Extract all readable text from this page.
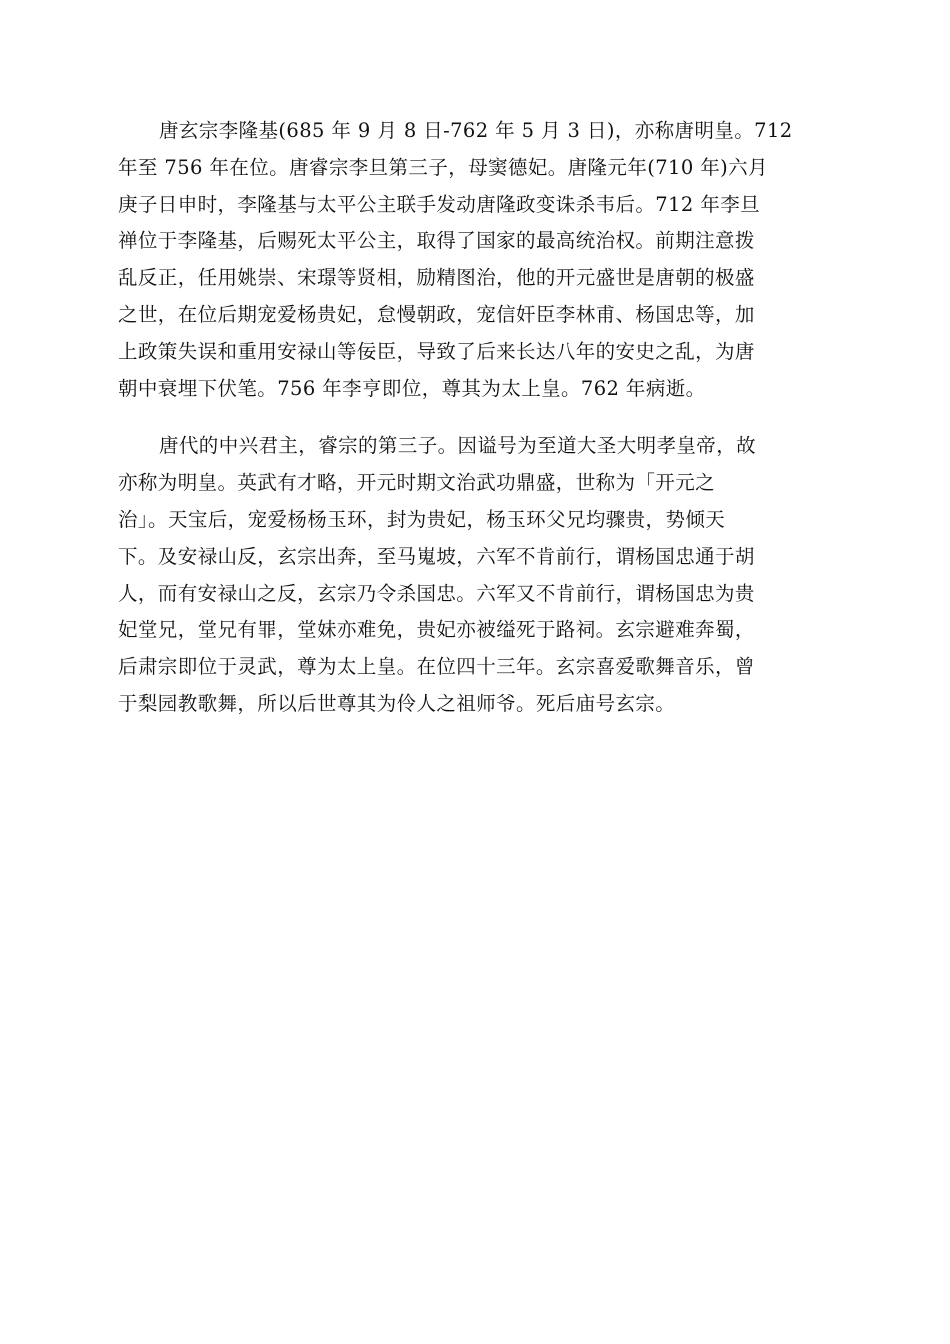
唐玄宗李隆基(685 年 9 月 8 日-762 年 5 月 3 日)，亦称唐明皇。712
年至 756 年在位。唐睿宗李旦第三子，母窦德妃。唐隆元年(710 年)六月
庚子日申时，李隆基与太平公主联手发动唐隆政变诛杀韦后。712 年李旦
禅位于李隆基，后赐死太平公主，取得了国家的最高统治权。前期注意拨
乱反正，任用姚崇、宋璟等贤相，励精图治，他的开元盛世是唐朝的极盛
之世，在位后期宠爱杨贵妃，怠慢朝政，宠信奸臣李林甫、杨国忠等，加
上政策失误和重用安禄山等佞臣，导致了后来长达八年的安史之乱，为唐
朝中衰埋下伏笔。756 年李亨即位，尊其为太上皇。762 年病逝。
唐代的中兴君主，睿宗的第三子。因谥号为至道大圣大明孝皇帝，故
亦称为明皇。英武有才略，开元时期文治武功鼎盛，世称为「开元之
治」。天宝后，宠爱杨杨玉环，封为贵妃，杨玉环父兄均骤贵，势倾天
下。及安禄山反，玄宗出奔，至马嵬坡，六军不肯前行，谓杨国忠通于胡
人，而有安禄山之反，玄宗乃令杀国忠。六军又不肯前行，谓杨国忠为贵
妃堂兄，堂兄有罪，堂妹亦难免，贵妃亦被缢死于路祠。玄宗避难奔蜀，
后肃宗即位于灵武，尊为太上皇。在位四十三年。玄宗喜爱歌舞音乐，曾
于梨园教歌舞，所以后世尊其为伶人之祖师爷。死后庙号玄宗。
